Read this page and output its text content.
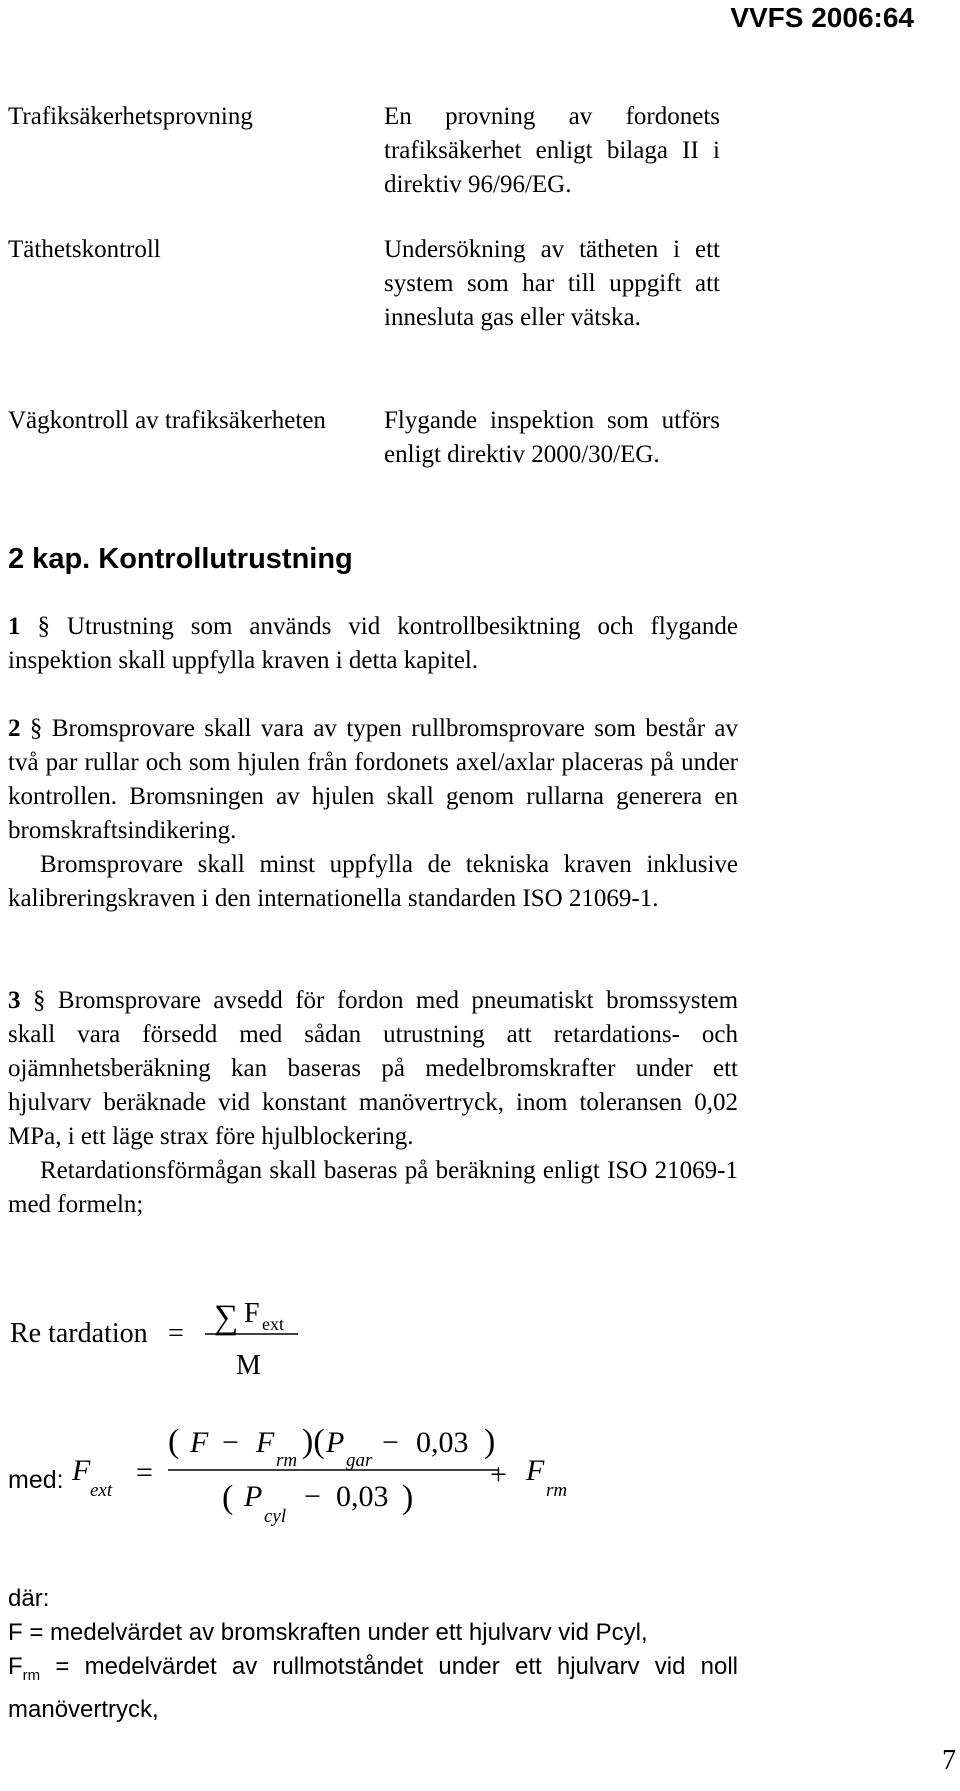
VVFS 2006:64
Trafiksäkerhetsprovning	En provning av fordonets trafiksäkerhet enligt bilaga II i direktiv 96/96/EG.
Täthetskontroll	Undersökning av tätheten i ett system som har till uppgift att innesluta gas eller vätska.
Vägkontroll av trafiksäkerheten	Flygande inspektion som utförs enligt direktiv 2000/30/EG.
2 kap. Kontrollutrustning
1 § Utrustning som används vid kontrollbesiktning och flygande inspektion skall uppfylla kraven i detta kapitel.
2 § Bromsprovare skall vara av typen rullbromsprovare som består av två par rullar och som hjulen från fordonets axel/axlar placeras på under kontrollen. Bromsningen av hjulen skall genom rullarna generera en bromskraftsindikering.
Bromsprovare skall minst uppfylla de tekniska kraven inklusive kalibreringskraven i den internationella standarden ISO 21069-1.
3 § Bromsprovare avsedd för fordon med pneumatiskt bromssystem skall vara försedd med sådan utrustning att retardations- och ojämnhetsberäkning kan baseras på medelbromskrafter under ett hjulvarv beräknade vid konstant manövertryck, inom toleransen 0,02 MPa, i ett läge strax före hjulblockering.
Retardationsförmågan skall baseras på beräkning enligt ISO 21069-1 med formeln;
Re tardation = ∑ F ext
M
med: F
ext
=
( F − F
rm
)( P
gar
− 0,03 )
( P
cyl
− 0,03 )
+ F
rm
där:
F = medelvärdet av bromskraften under ett hjulvarv vid Pcyl,
$F_{rm}$ = medelvärdet av rullmotståndet under ett hjulvarv vid noll manövertryck,
7
